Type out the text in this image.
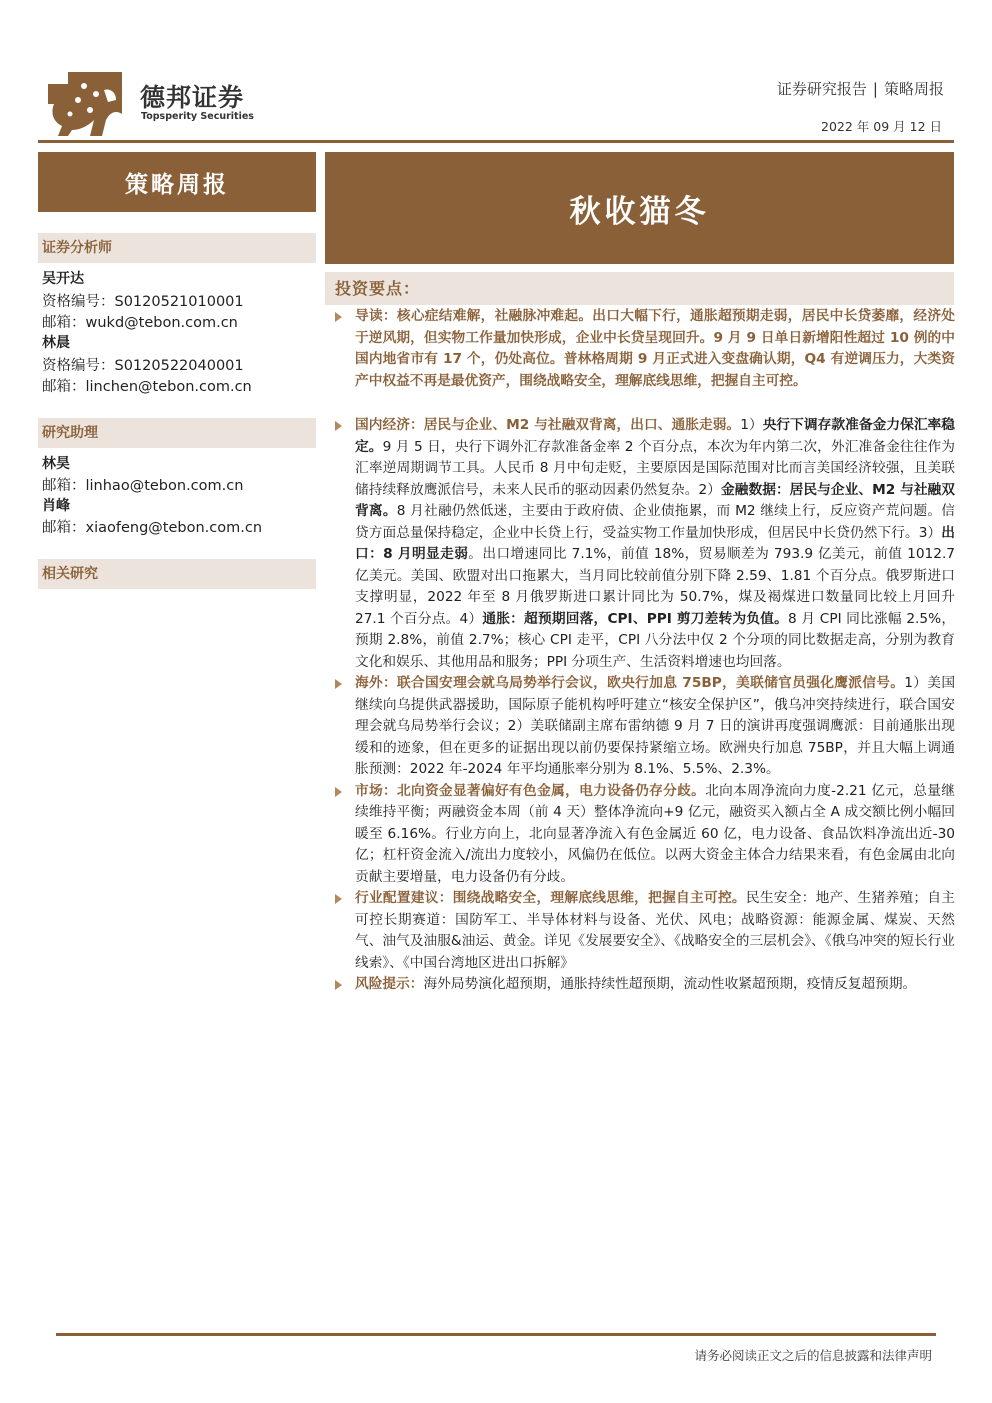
德邦证券
Topsperity Securities
证券研究报告 | 策略周报
2022 年 09 月 12 日
策略周报
证券分析师
吴开达
资格编号：S0120521010001
邮箱：wukd@tebon.com.cn
林晨
资格编号：S0120522040001
邮箱：linchen@tebon.com.cn
研究助理
林昊
邮箱：linhao@tebon.com.cn
肖峰
邮箱：xiaofeng@tebon.com.cn
相关研究
秋收猫冬
投资要点：
导读：核心症结难解，社融脉冲难起。出口大幅下行，通胀超预期走弱，居民中长贷萎靡，经济处于逆风期，但实物工作量加快形成，企业中长贷呈现回升。9 月 9 日单日新增阳性超过 10 例的中国内地省市有 17 个，仍处高位。普林格周期 9 月正式进入变盘确认期，Q4 有逆调压力，大类资产中权益不再是最优资产，围绕战略安全，理解底线思维，把握自主可控。
国内经济：居民与企业、M2 与社融双背离，出口、通胀走弱。1）央行下调存款准备金力保汇率稳定。9 月 5 日，央行下调外汇存款准备金率 2 个百分点，本次为年内第二次，外汇准备金往往作为汇率逆周期调节工具。人民币 8 月中旬走贬，主要原因是国际范围对比而言美国经济较强，且美联储持续释放鹰派信号，未来人民币的驱动因素仍然复杂。2）金融数据：居民与企业、M2 与社融双背离。8 月社融仍然低迷，主要由于政府债、企业债拖累，而 M2 继续上行，反应资产荒问题。信贷方面总量保持稳定，企业中长贷上行，受益实物工作量加快形成，但居民中长贷仍然下行。3）出口：8 月明显走弱。出口增速同比 7.1%，前值 18%，贸易顺差为 793.9 亿美元，前值 1012.7 亿美元。美国、欧盟对出口拖累大，当月同比较前值分别下降 2.59、1.81 个百分点。俄罗斯进口支撑明显，2022 年至 8 月俄罗斯进口累计同比为 50.7%，煤及褐煤进口数量同比较上月回升 27.1 个百分点。4）通胀：超预期回落，CPI、PPI 剪刀差转为负值。8 月 CPI 同比涨幅 2.5%，预期 2.8%，前值 2.7%；核心 CPI 走平，CPI 八分法中仅 2 个分项的同比数据走高，分别为教育文化和娱乐、其他用品和服务；PPI 分项生产、生活资料增速也均回落。
海外：联合国安理会就乌局势举行会议，欧央行加息 75BP，美联储官员强化鹰派信号。1）美国继续向乌提供武器援助，国际原子能机构呼吁建立“核安全保护区”，俄乌冲突持续进行，联合国安理会就乌局势举行会议；2）美联储副主席布雷纳德 9 月 7 日的演讲再度强调鹰派：目前通胀出现缓和的迹象，但在更多的证据出现以前仍要保持紧缩立场。欧洲央行加息 75BP，并且大幅上调通胀预测：2022 年-2024 年平均通胀率分别为 8.1%、5.5%、2.3%。
市场：北向资金显著偏好有色金属，电力设备仍存分歧。北向本周净流向力度-2.21 亿元，总量继续维持平衡；两融资金本周（前 4 天）整体净流向+9 亿元，融资买入额占全 A 成交额比例小幅回暖至 6.16%。行业方向上，北向显著净流入有色金属近 60 亿，电力设备、食品饮料净流出近-30 亿；杠杆资金流入/流出力度较小，风偏仍在低位。以两大资金主体合力结果来看，有色金属由北向贡献主要增量，电力设备仍有分歧。
行业配置建议：围绕战略安全，理解底线思维，把握自主可控。民生安全：地产、生猪养殖；自主可控长期赛道：国防军工、半导体材料与设备、光伏、风电；战略资源：能源金属、煤炭、天然气、油气及油服&油运、黄金。详见《发展要安全》、《战略安全的三层机会》、《俄乌冲突的短长行业线索》、《中国台湾地区进出口拆解》
风险提示：海外局势演化超预期，通胀持续性超预期，流动性收紧超预期，疫情反复超预期。
请务必阅读正文之后的信息披露和法律声明
